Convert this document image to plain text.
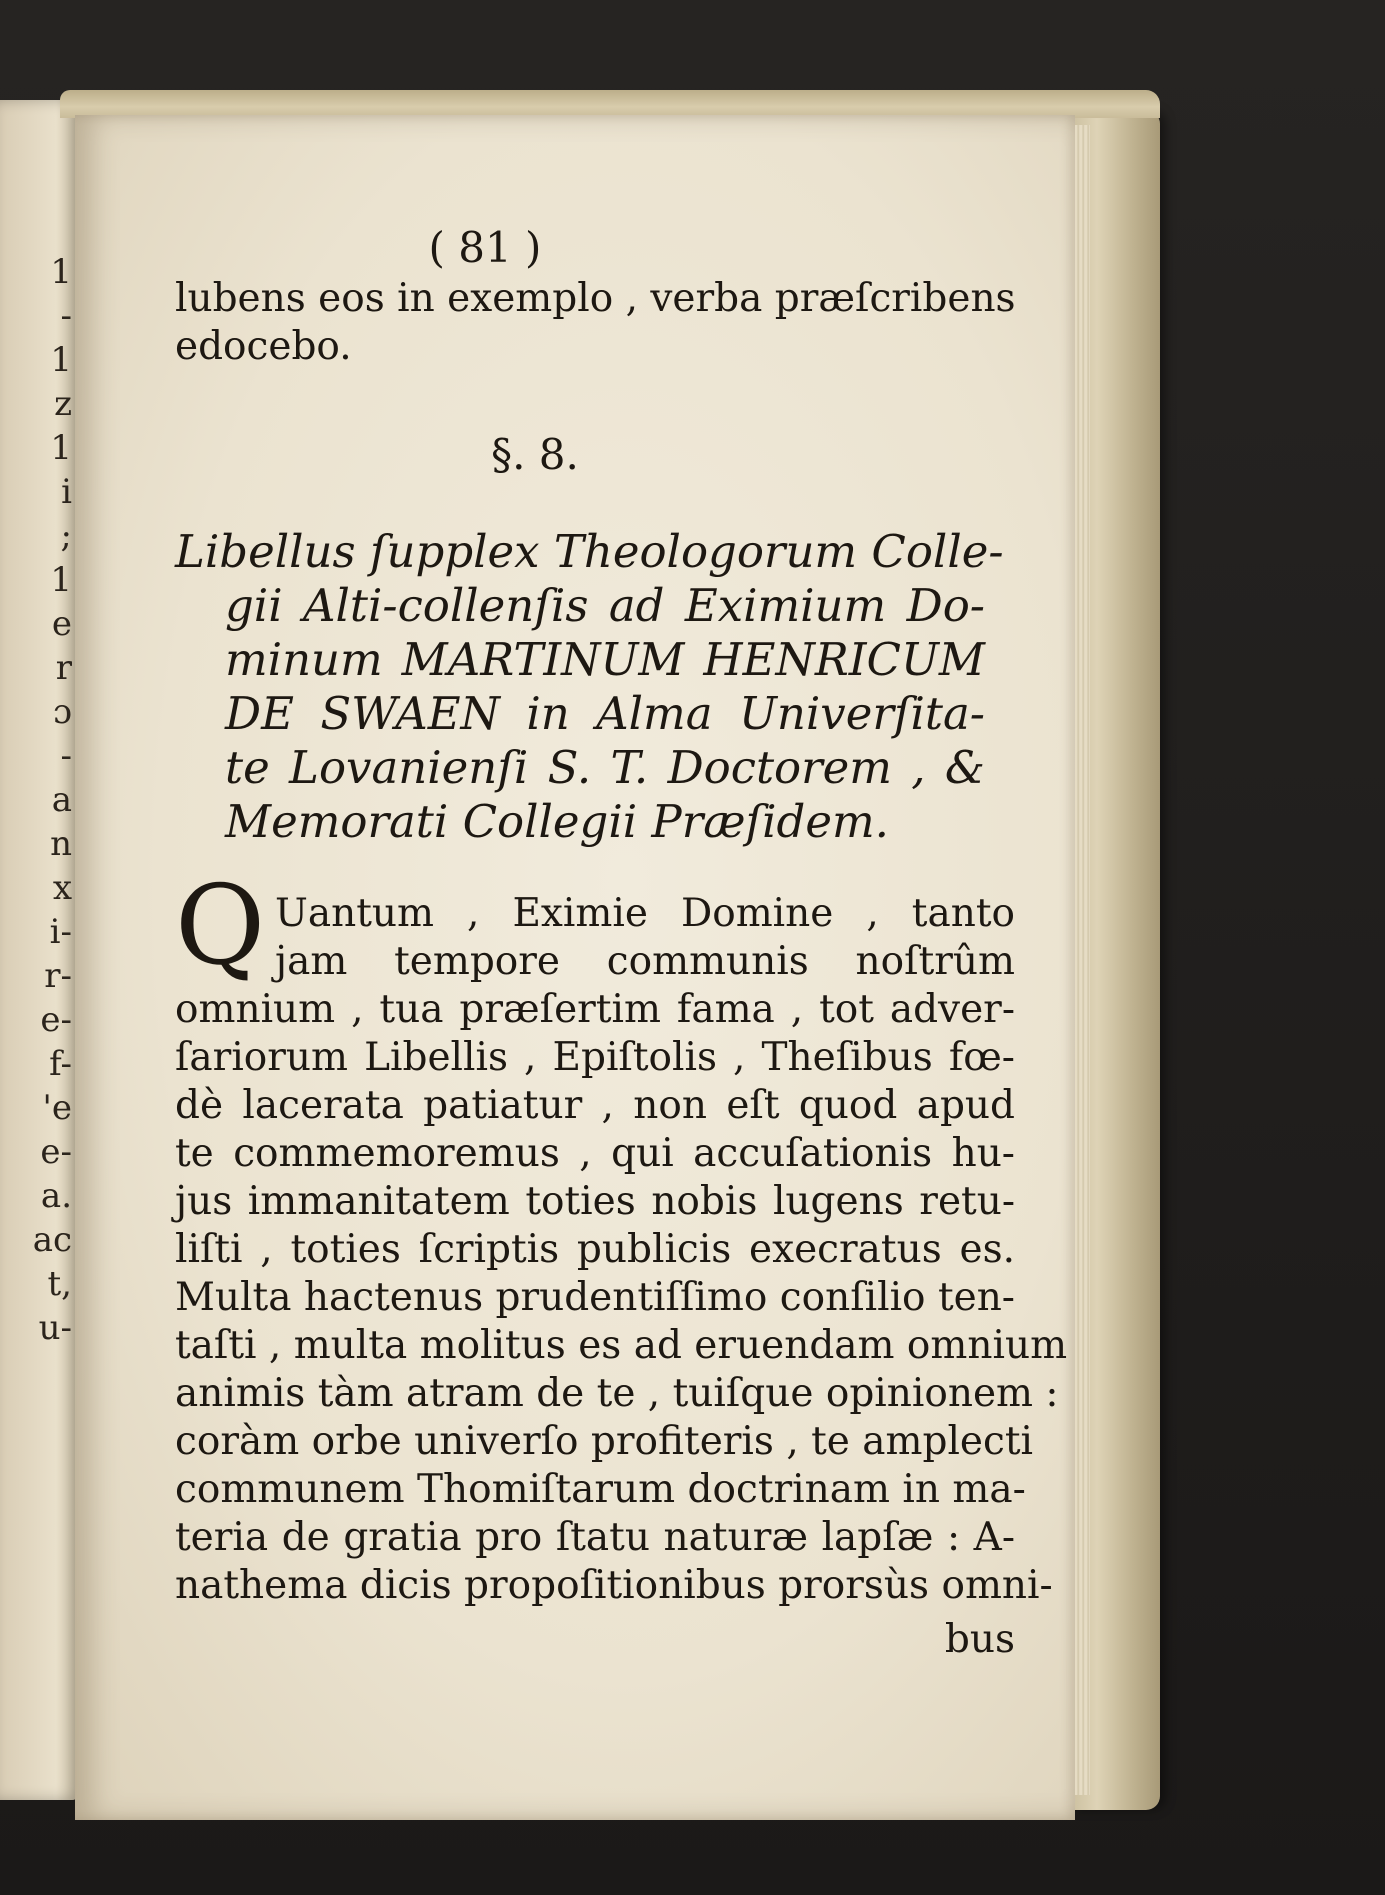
1
-
1
z
1
i
;
1
e
r
ɔ
-
a
n
x
i-
r-
e-
f-
'e
e-
a.
ac
t,
u-
( 81 )
lubens eos in exemplo , verba præſcribens
edocebo.
§. 8.
Libellus ſupplex Theologorum Colle-
gii Alti-collenſis ad Eximium Do-
minum MARTINUM HENRICUM
DE SWAEN in Alma Univerſita-
te Lovanienſi S. T. Doctorem , &
Memorati Collegii Præſidem.
Q Uantum , Eximie Domine , tanto
jam tempore communis noſtrûm
omnium , tua præſertim fama , tot adver-
ſariorum Libellis , Epiſtolis , Theſibus fœ-
dè lacerata patiatur , non eſt quod apud
te commemoremus , qui accuſationis hu-
jus immanitatem toties nobis lugens retu-
liſti , toties ſcriptis publicis execratus es.
Multa hactenus prudentiſſimo conſilio ten-
taſti , multa molitus es ad eruendam omnium
animis tàm atram de te , tuiſque opinionem :
coràm orbe univerſo profiteris , te amplecti
communem Thomiſtarum doctrinam in ma-
teria de gratia pro ſtatu naturæ lapſæ : A-
nathema dicis propoſitionibus prorsùs omni-
bus
